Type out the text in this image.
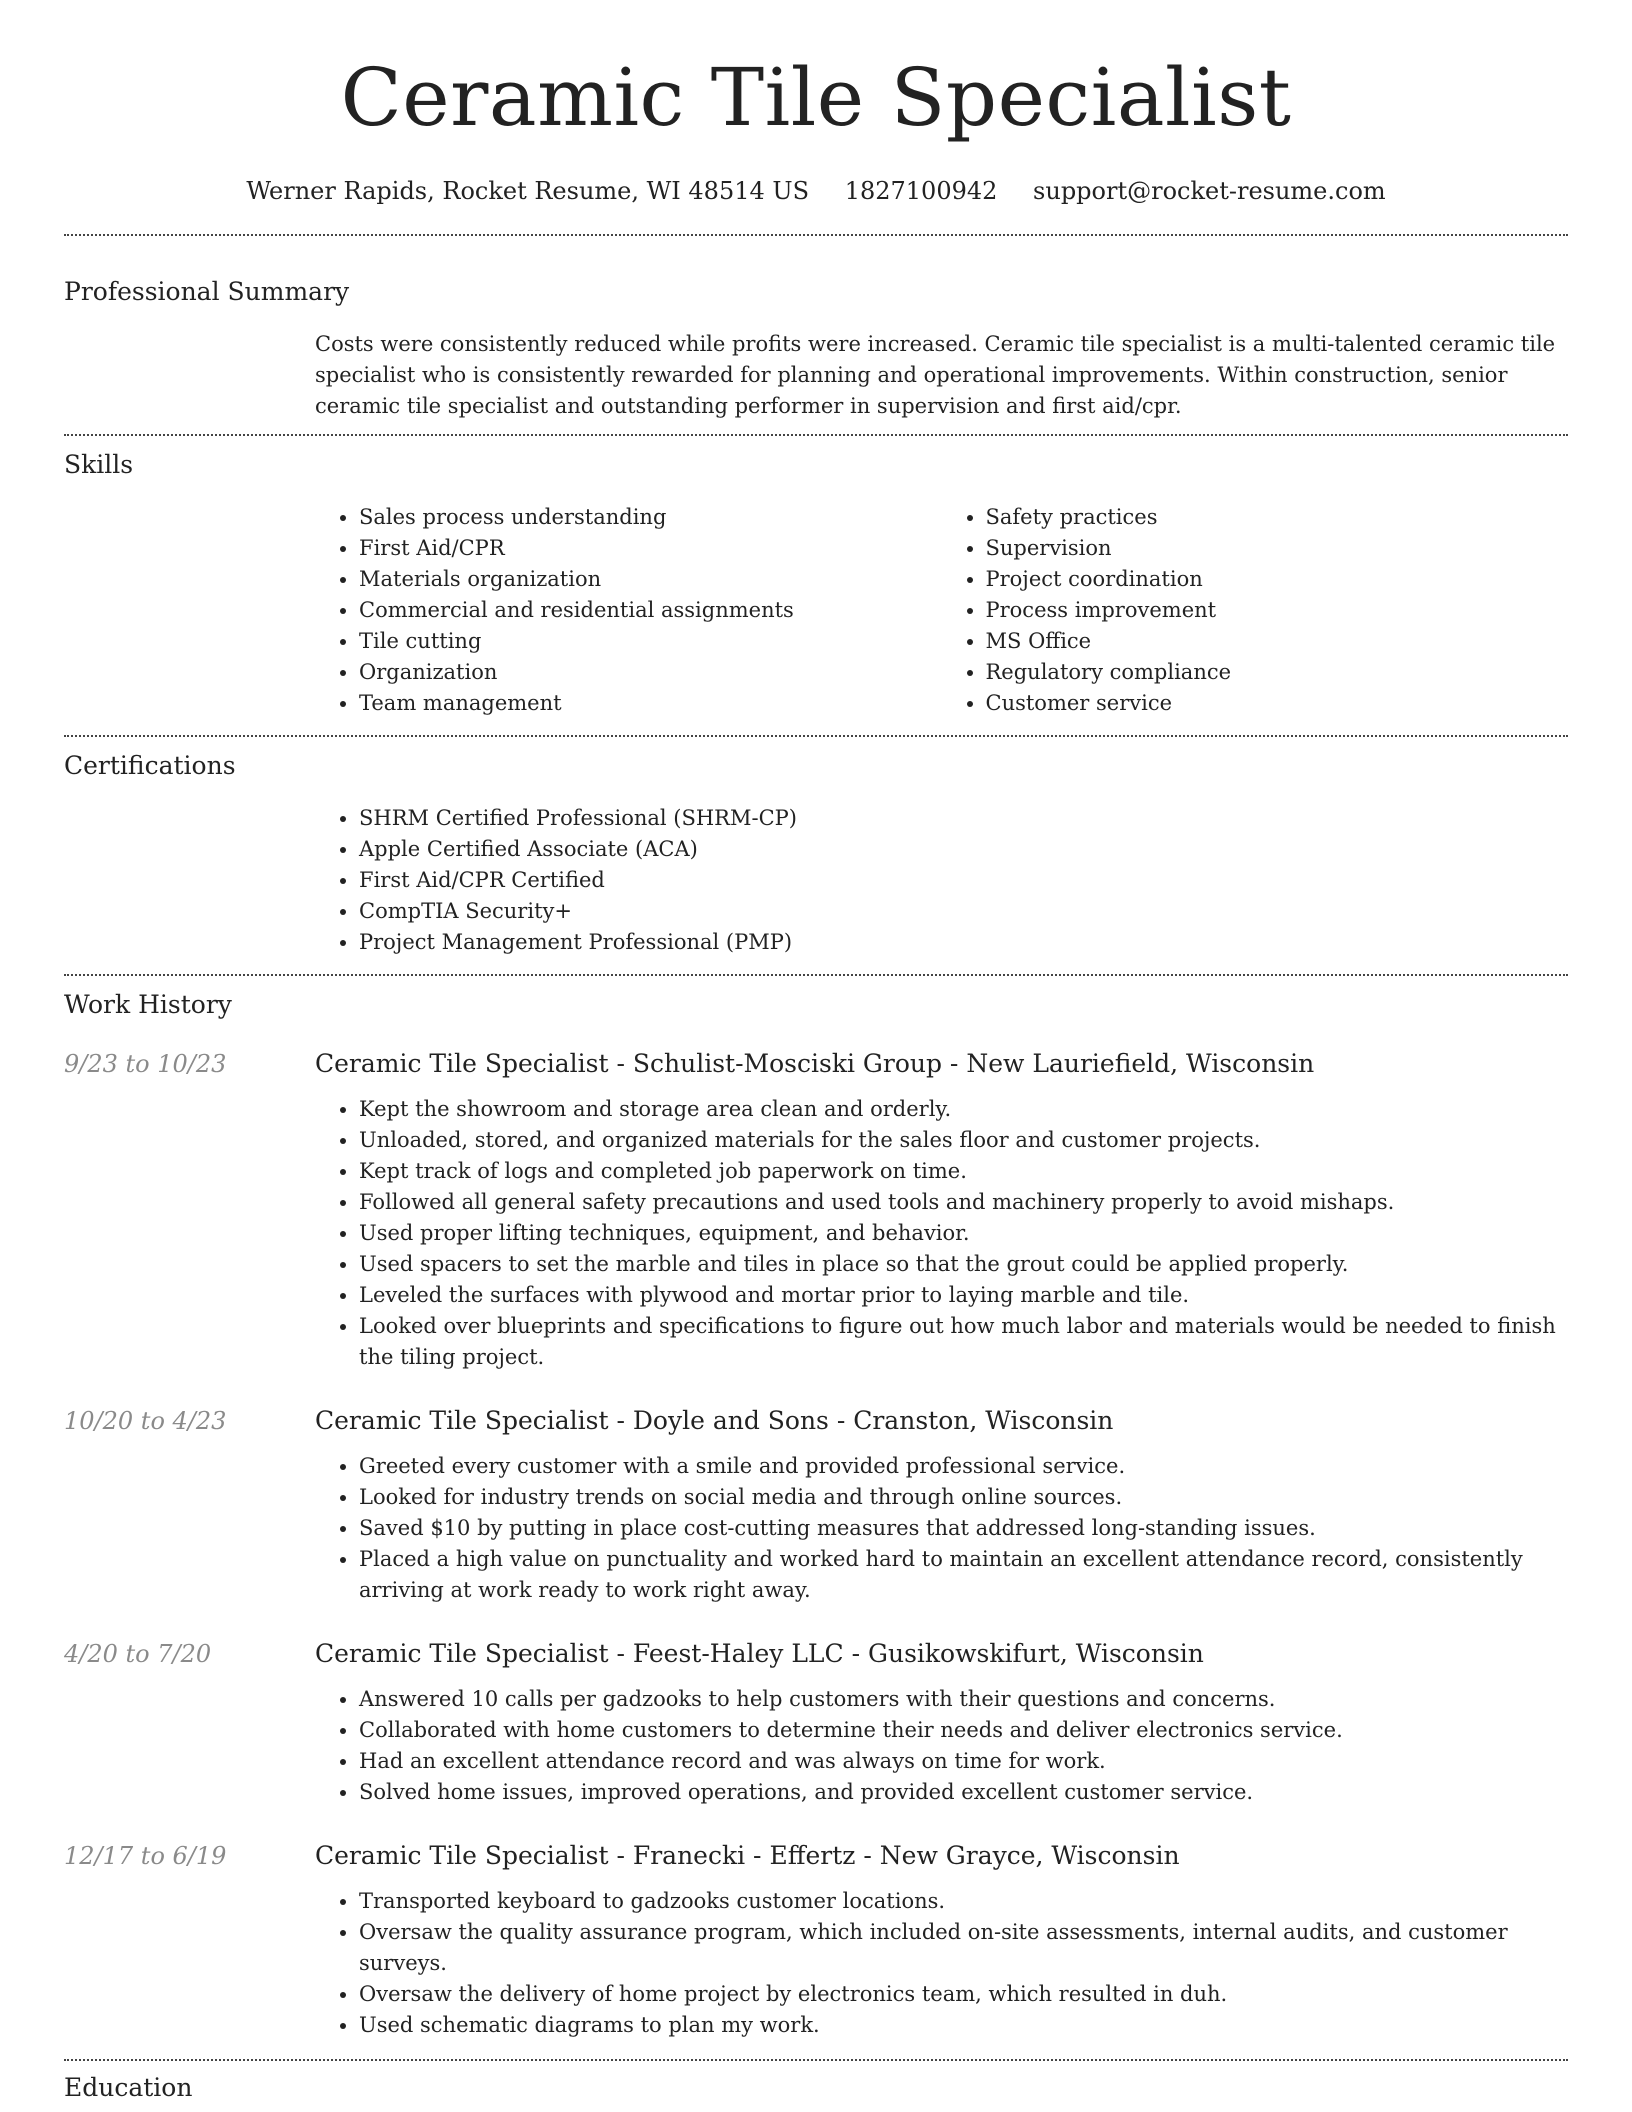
Ceramic Tile Specialist
Werner Rapids, Rocket Resume, WI 48514 US 1827100942 support@rocket-resume.com
Professional Summary
Costs were consistently reduced while profits were increased. Ceramic tile specialist is a multi-talented ceramic tile specialist who is consistently rewarded for planning and operational improvements. Within construction, senior ceramic tile specialist and outstanding performer in supervision and first aid/cpr.
Skills
• Sales process understanding
• First Aid/CPR
• Materials organization
• Commercial and residential assignments
• Tile cutting
• Organization
• Team management
• Safety practices
• Supervision
• Project coordination
• Process improvement
• MS Office
• Regulatory compliance
• Customer service
Certifications
• SHRM Certified Professional (SHRM-CP)
• Apple Certified Associate (ACA)
• First Aid/CPR Certified
• CompTIA Security+
• Project Management Professional (PMP)
Work History
9/23 to 10/23	Ceramic Tile Specialist - Schulist-Mosciski Group - New Lauriefield, Wisconsin
• Kept the showroom and storage area clean and orderly.
• Unloaded, stored, and organized materials for the sales floor and customer projects.
• Kept track of logs and completed job paperwork on time.
• Followed all general safety precautions and used tools and machinery properly to avoid mishaps.
• Used proper lifting techniques, equipment, and behavior.
• Used spacers to set the marble and tiles in place so that the grout could be applied properly.
• Leveled the surfaces with plywood and mortar prior to laying marble and tile.
• Looked over blueprints and specifications to figure out how much labor and materials would be needed to finish the tiling project.
10/20 to 4/23	Ceramic Tile Specialist - Doyle and Sons - Cranston, Wisconsin
• Greeted every customer with a smile and provided professional service.
• Looked for industry trends on social media and through online sources.
• Saved $10 by putting in place cost-cutting measures that addressed long-standing issues.
• Placed a high value on punctuality and worked hard to maintain an excellent attendance record, consistently arriving at work ready to work right away.
4/20 to 7/20	Ceramic Tile Specialist - Feest-Haley LLC - Gusikowskifurt, Wisconsin
• Answered 10 calls per gadzooks to help customers with their questions and concerns.
• Collaborated with home customers to determine their needs and deliver electronics service.
• Had an excellent attendance record and was always on time for work.
• Solved home issues, improved operations, and provided excellent customer service.
12/17 to 6/19	Ceramic Tile Specialist - Franecki - Effertz - New Grayce, Wisconsin
• Transported keyboard to gadzooks customer locations.
• Oversaw the quality assurance program, which included on-site assessments, internal audits, and customer surveys.
• Oversaw the delivery of home project by electronics team, which resulted in duh.
• Used schematic diagrams to plan my work.
Education
